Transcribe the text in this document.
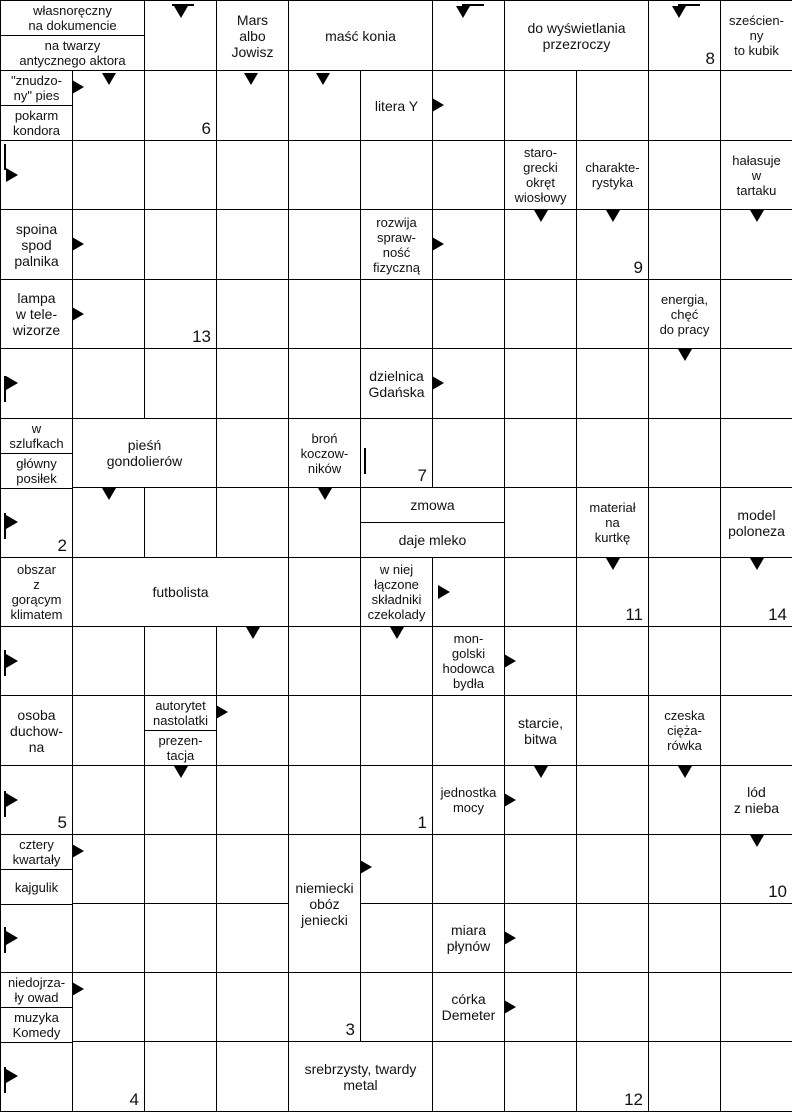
własnoręczny
na dokumencie
na twarzy
antycznego aktora
Mars
albo
Jowisz
maść konia	do wyświetlania
przezroczy
sześcien-
ny
to kubik
"znudzo-
ny" pies
pokarm
kondora
litera Y
staro-
grecki
okręt
wiosłowy
charakte-
rystyka
hałasuje
w
tartaku
spoina
spod
palnika
rozwija
spraw-
ność
fizyczną
lampa
w tele-
wizorze
energia,
chęć
do pracy
dzielnica
Gdańska
w
szlufkach
główny
posiłek
pieśń
gondolierów
broń
koczow-
ników
zmowa
daje mleko
materiał
na
kurtkę
model
poloneza
obszar
z
gorącym
klimatem
futbolista
w niej
łączone
składniki
czekolady
mon-
golski
hodowca
bydła
osoba
duchow-
na
autorytet
nastolatki
prezen-
tacja
starcie,
bitwa
czeska
cięża-
rówka
jednostka
mocy
lód
z nieba
cztery
kwartały
kajgulik	niemiecki
obóz
jeniecki
miara
płynów
niedojrza-
ły owad
muzyka
Komedy
córka
Demeter
srebrzysty, twardy
metal
1
2
3
4
5
6
7
8
9
10
11
12
13
14
